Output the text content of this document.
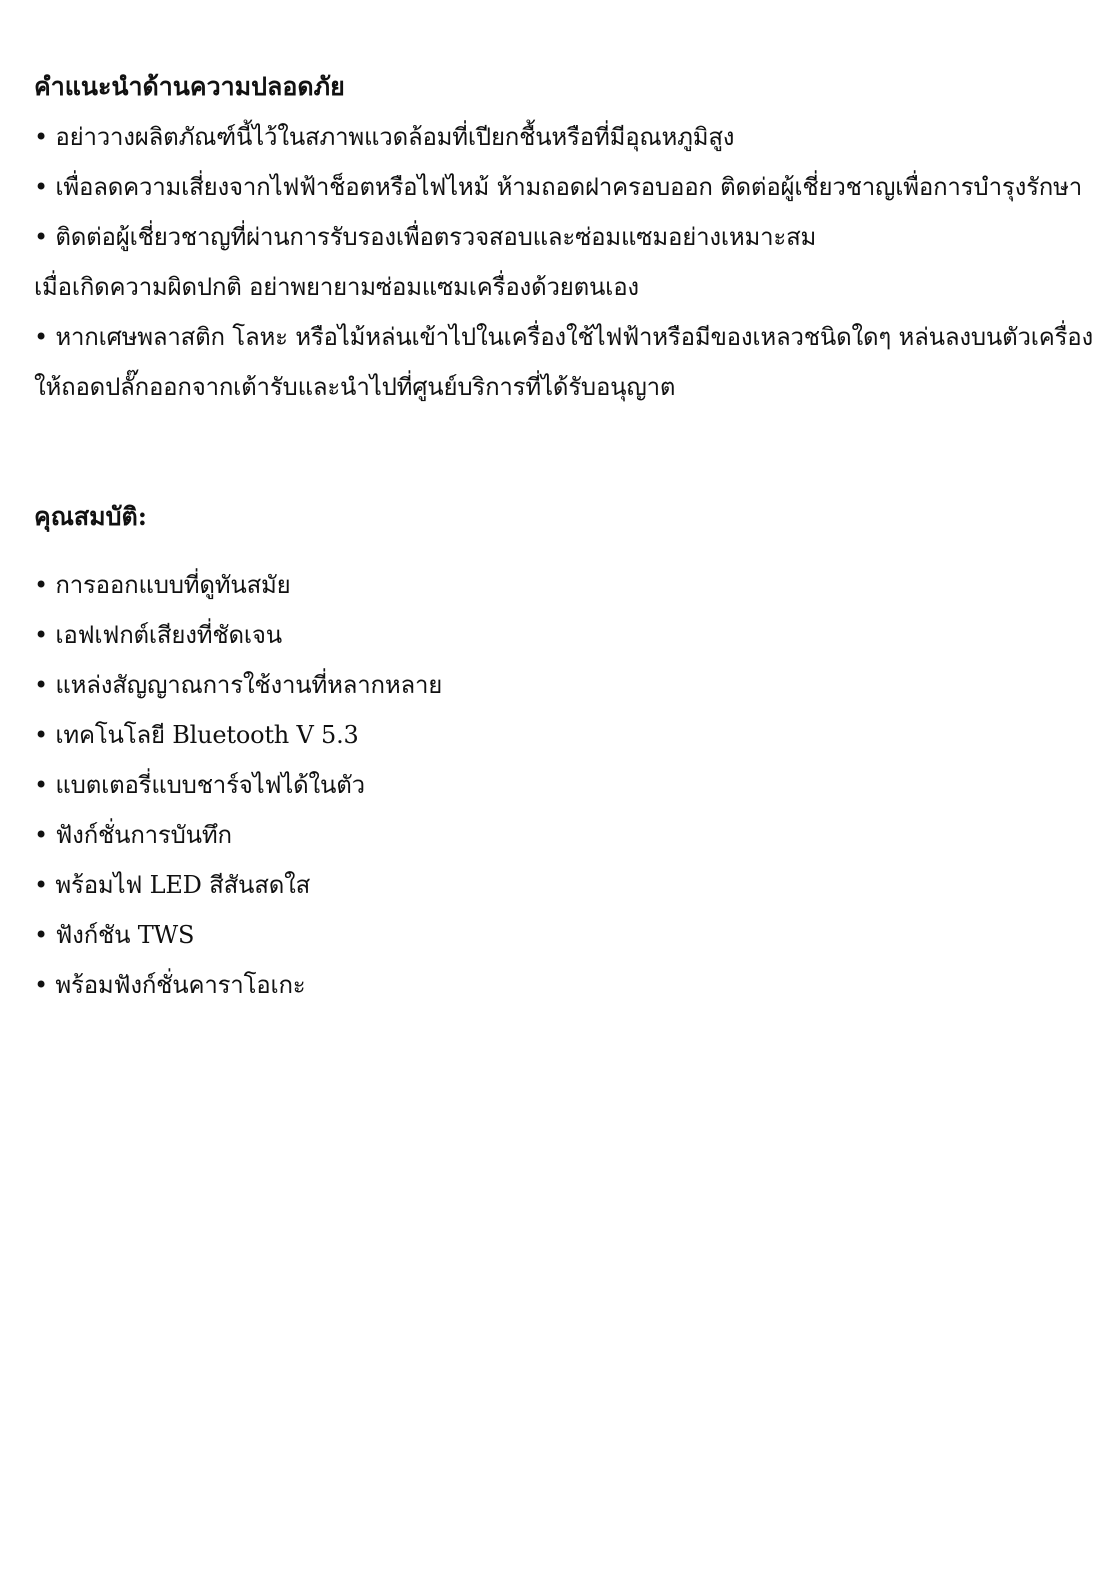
คำแนะนำด้านความปลอดภัย

• อย่าวางผลิตภัณฑ์นี้ไว้ในสภาพแวดล้อมที่เปียกชื้นหรือที่มีอุณหภูมิสูง

• เพื่อลดความเสี่ยงจากไฟฟ้าช็อตหรือไฟไหม้ ห้ามถอดฝาครอบออก ติดต่อผู้เชี่ยวชาญเพื่อการบำรุงรักษา

• ติดต่อผู้เชี่ยวชาญที่ผ่านการรับรองเพื่อตรวจสอบและซ่อมแซมอย่างเหมาะสม

เมื่อเกิดความผิดปกติ อย่าพยายามซ่อมแซมเครื่องด้วยตนเอง

• หากเศษพลาสติก โลหะ หรือไม้หล่นเข้าไปในเครื่องใช้ไฟฟ้าหรือมีของเหลวชนิดใดๆ หล่นลงบนตัวเครื่อง

ให้ถอดปลั๊กออกจากเต้ารับและนำไปที่ศูนย์บริการที่ได้รับอนุญาต

คุณสมบัติ:

• การออกแบบที่ดูทันสมัย

• เอฟเฟกต์เสียงที่ชัดเจน

• แหล่งสัญญาณการใช้งานที่หลากหลาย

• เทคโนโลยี Bluetooth V 5.3

• แบตเตอรี่แบบชาร์จไฟได้ในตัว

• ฟังก์ชั่นการบันทึก

• พร้อมไฟ LED สีสันสดใส

• ฟังก์ชัน TWS

• พร้อมฟังก์ชั่นคาราโอเกะ
